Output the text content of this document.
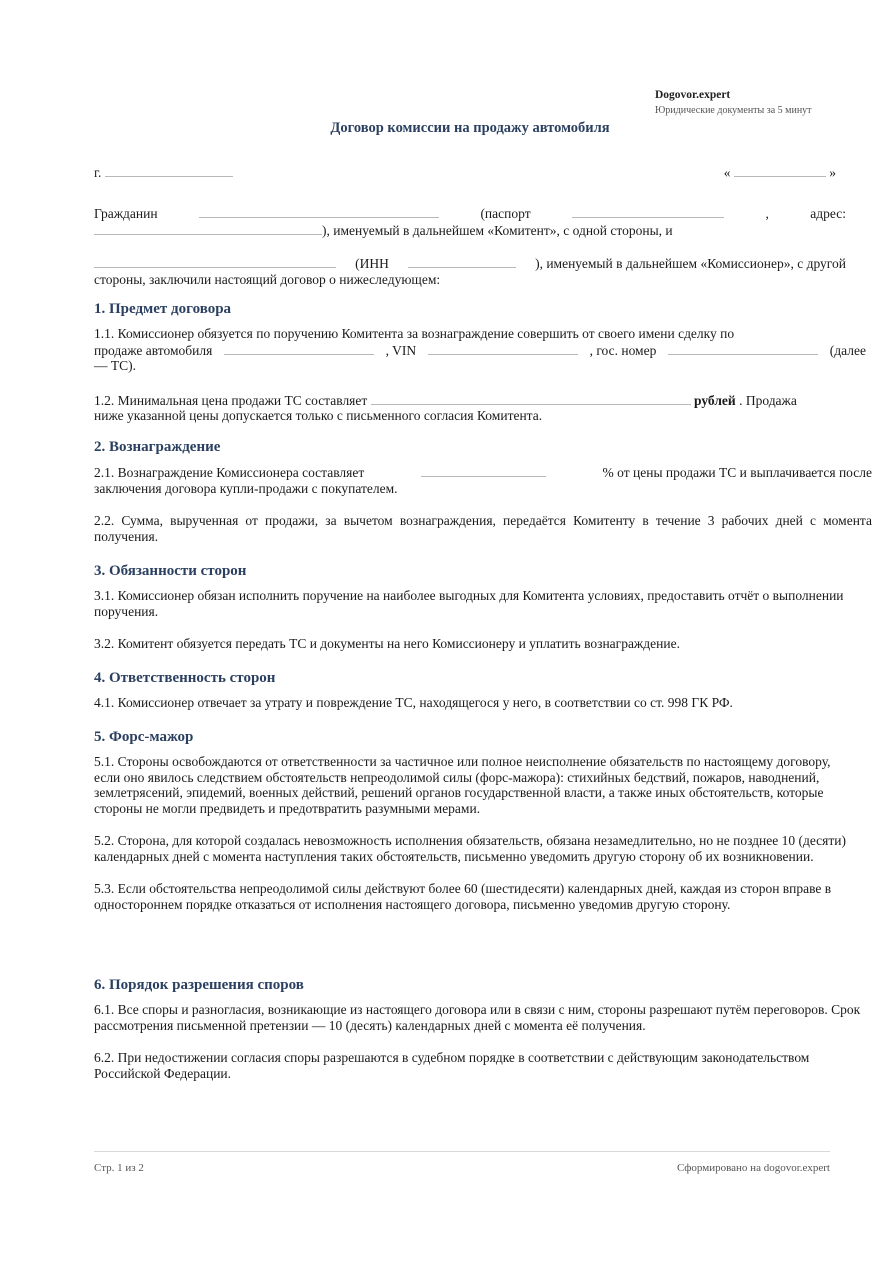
Dogovor.expert
Юридические документы за 5 минут
Договор комиссии на продажу автомобиля
г.	«	»
Гражданин	(паспорт	,	адрес:
), именуемый в дальнейшем «Комитент», с одной стороны, и
(ИНН	), именуемый в дальнейшем «Комиссионер», с другой
стороны, заключили настоящий договор о нижеследующем:
1. Предмет договора
1.1. Комиссионер обязуется по поручению Комитента за вознаграждение совершить от своего имени сделку по
продаже автомобиля	, VIN	, гос. номер	(далее
— ТС).
1.2. Минимальная цена продажи ТС составляет	рублей . Продажа
ниже указанной цены допускается только с письменного согласия Комитента.
2. Вознаграждение
2.1. Вознаграждение Комиссионера составляет	% от цены продажи ТС и выплачивается после
заключения договора купли-продажи с покупателем.
2.2. Сумма, вырученная от продажи, за вычетом вознаграждения, передаётся Комитенту в течение 3 рабочих дней с момента получения.
3. Обязанности сторон
3.1. Комиссионер обязан исполнить поручение на наиболее выгодных для Комитента условиях, предоставить отчёт о выполнении поручения.
3.2. Комитент обязуется передать ТС и документы на него Комиссионеру и уплатить вознаграждение.
4. Ответственность сторон
4.1. Комиссионер отвечает за утрату и повреждение ТС, находящегося у него, в соответствии со ст. 998 ГК РФ.
5. Форс-мажор
5.1. Стороны освобождаются от ответственности за частичное или полное неисполнение обязательств по настоящему договору, если оно явилось следствием обстоятельств непреодолимой силы (форс-мажора): стихийных бедствий, пожаров, наводнений, землетрясений, эпидемий, военных действий, решений органов государственной власти, а также иных обстоятельств, которые стороны не могли предвидеть и предотвратить разумными мерами.
5.2. Сторона, для которой создалась невозможность исполнения обязательств, обязана незамедлительно, но не позднее 10 (десяти) календарных дней с момента наступления таких обстоятельств, письменно уведомить другую сторону об их возникновении.
5.3. Если обстоятельства непреодолимой силы действуют более 60 (шестидесяти) календарных дней, каждая из сторон вправе в одностороннем порядке отказаться от исполнения настоящего договора, письменно уведомив другую сторону.
6. Порядок разрешения споров
6.1. Все споры и разногласия, возникающие из настоящего договора или в связи с ним, стороны разрешают путём переговоров. Срок рассмотрения письменной претензии — 10 (десять) календарных дней с момента её получения.
6.2. При недостижении согласия споры разрешаются в судебном порядке в соответствии с действующим законодательством Российской Федерации.
Стр. 1 из 2	Сформировано на dogovor.expert
